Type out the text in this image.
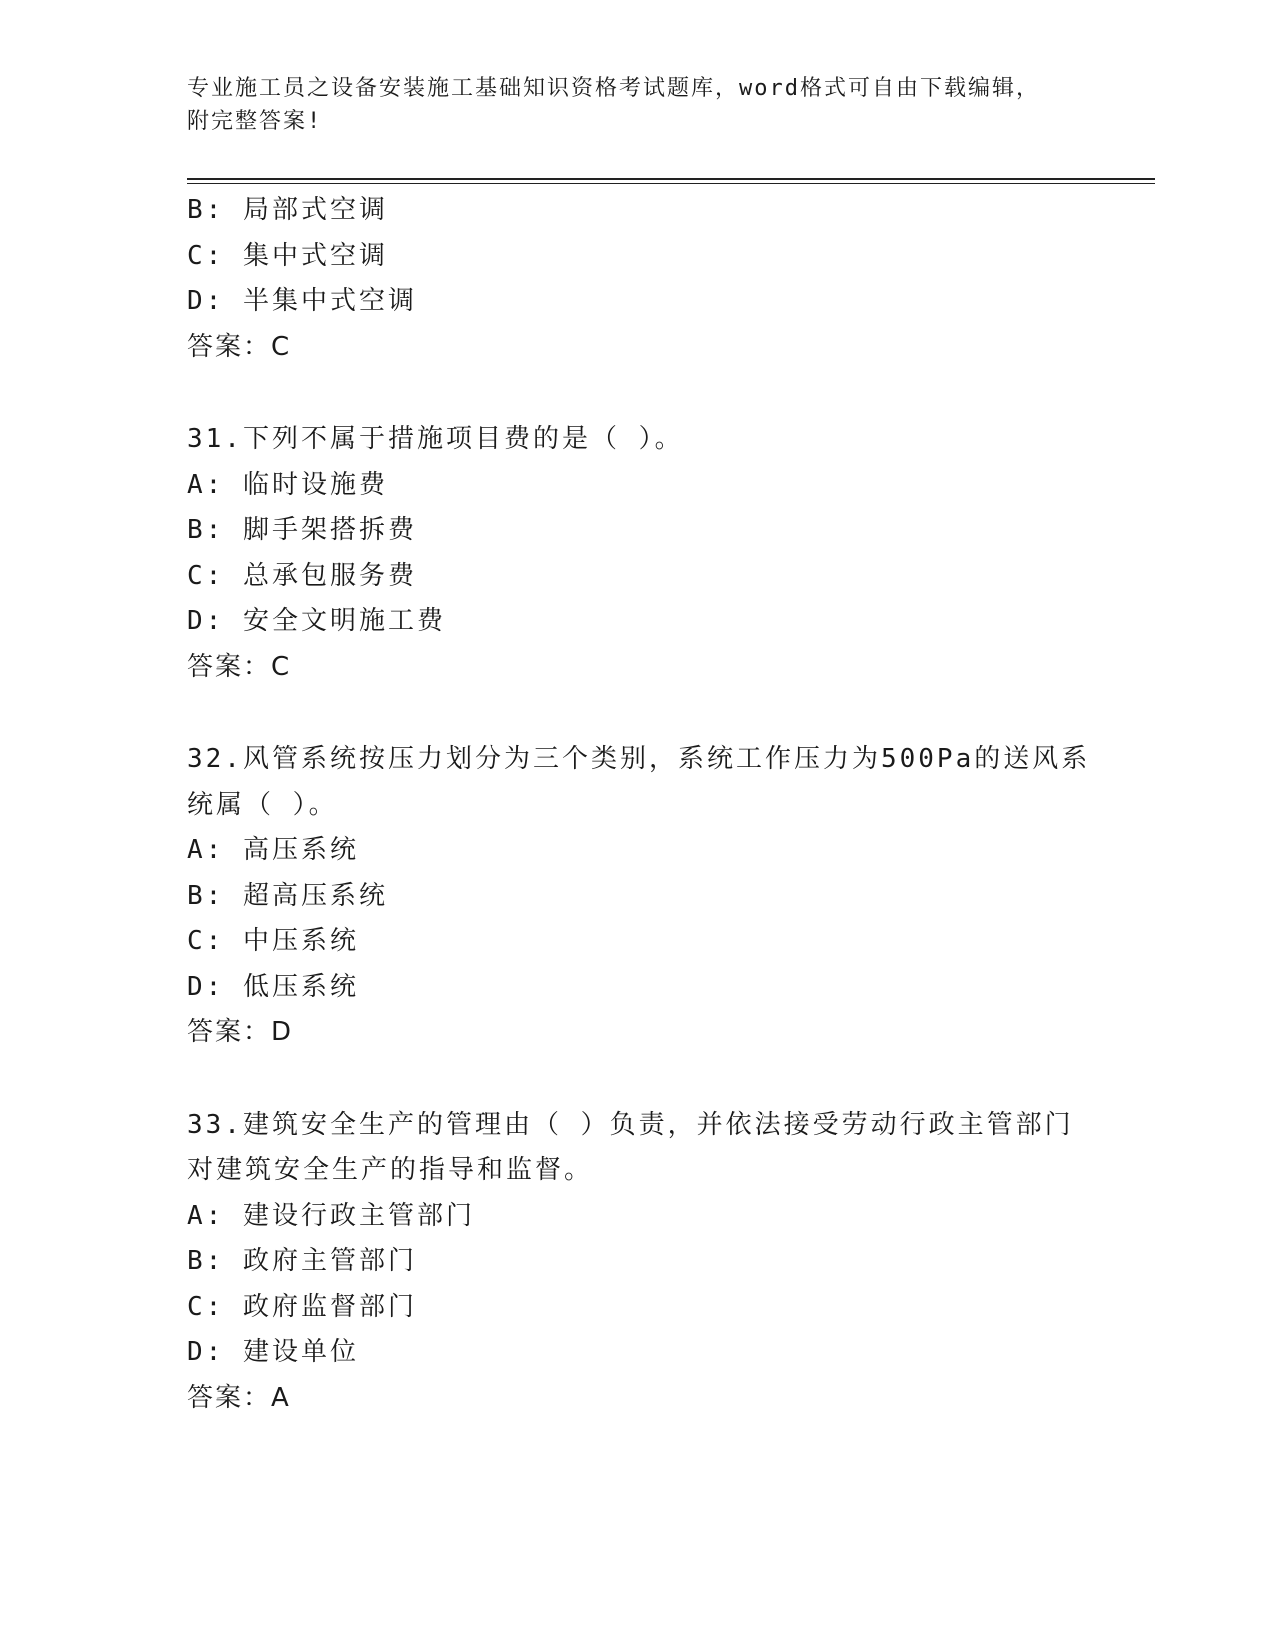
专业施工员之设备安装施工基础知识资格考试题库，word格式可自由下载编辑，
附完整答案!
B: 局部式空调
C: 集中式空调
D: 半集中式空调
答案：C
31.下列不属于措施项目费的是（ ）。
A: 临时设施费
B: 脚手架搭拆费
C: 总承包服务费
D: 安全文明施工费
答案：C
32.风管系统按压力划分为三个类别，系统工作压力为500Pa的送风系
统属（ ）。
A: 高压系统
B: 超高压系统
C: 中压系统
D: 低压系统
答案：D
33.建筑安全生产的管理由（ ）负责，并依法接受劳动行政主管部门
对建筑安全生产的指导和监督。
A: 建设行政主管部门
B: 政府主管部门
C: 政府监督部门
D: 建设单位
答案：A
